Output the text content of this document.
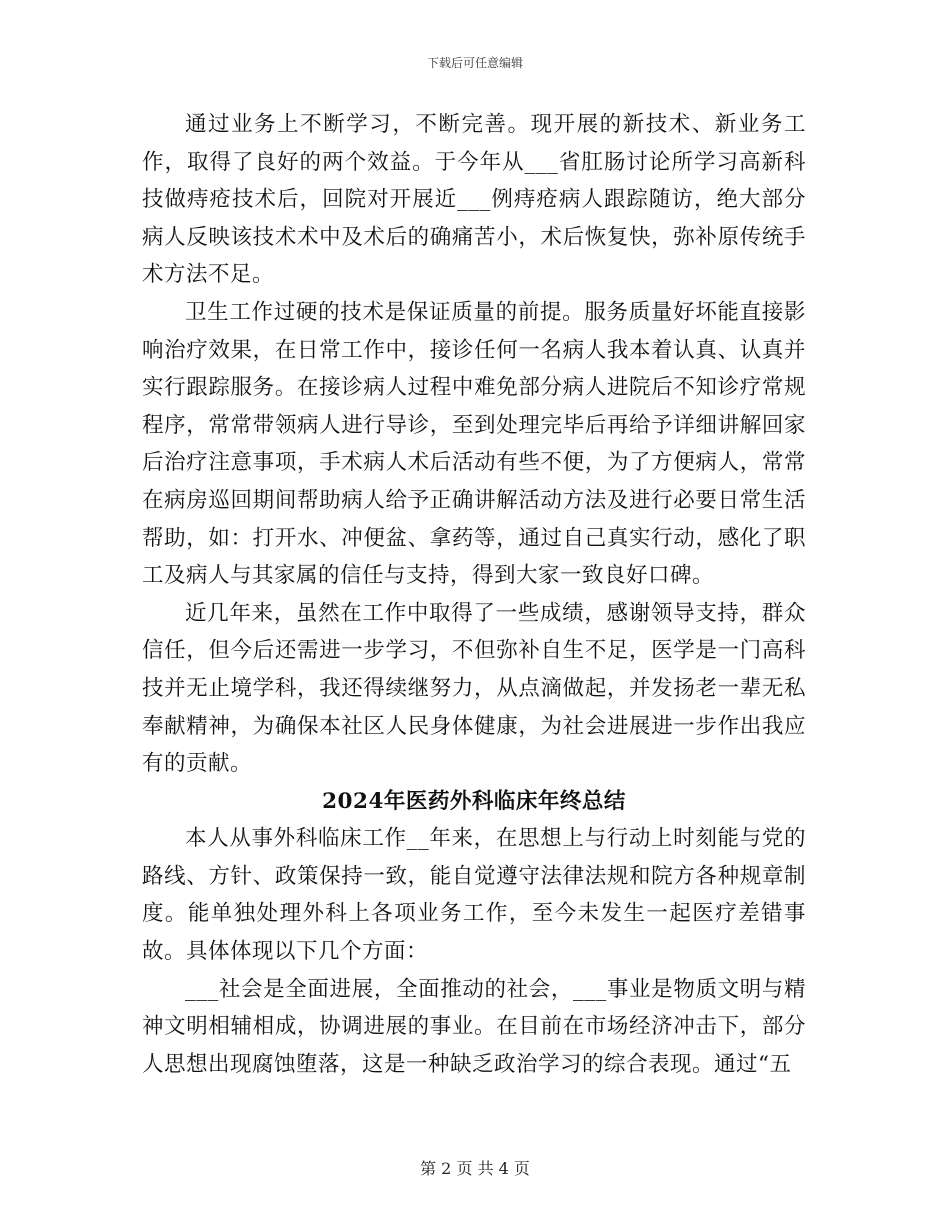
下载后可任意编辑

通过业务上不断学习，不断完善。现开展的新技术、新业务工作，取得了良好的两个效益。于今年从___省肛肠讨论所学习高新科技做痔疮技术后，回院对开展近___例痔疮病人跟踪随访，绝大部分病人反映该技术术中及术后的确痛苦小，术后恢复快，弥补原传统手术方法不足。

卫生工作过硬的技术是保证质量的前提。服务质量好坏能直接影响治疗效果，在日常工作中，接诊任何一名病人我本着认真、认真并实行跟踪服务。在接诊病人过程中难免部分病人进院后不知诊疗常规程序，常常带领病人进行导诊，至到处理完毕后再给予详细讲解回家后治疗注意事项，手术病人术后活动有些不便，为了方便病人，常常在病房巡回期间帮助病人给予正确讲解活动方法及进行必要日常生活帮助，如：打开水、冲便盆、拿药等，通过自己真实行动，感化了职工及病人与其家属的信任与支持，得到大家一致良好口碑。

近几年来，虽然在工作中取得了一些成绩，感谢领导支持，群众信任，但今后还需进一步学习，不但弥补自生不足，医学是一门高科技并无止境学科，我还得续继努力，从点滴做起，并发扬老一辈无私奉献精神，为确保本社区人民身体健康，为社会进展进一步作出我应有的贡献。

2024年医药外科临床年终总结

本人从事外科临床工作__年来，在思想上与行动上时刻能与党的路线、方针、政策保持一致，能自觉遵守法律法规和院方各种规章制度。能单独处理外科上各项业务工作，至今未发生一起医疗差错事故。具体体现以下几个方面：

___社会是全面进展，全面推动的社会，___事业是物质文明与精神文明相辅相成，协调进展的事业。在目前在市场经济冲击下，部分人思想出现腐蚀堕落，这是一种缺乏政治学习的综合表现。通过“五

第 2 页 共 4 页
